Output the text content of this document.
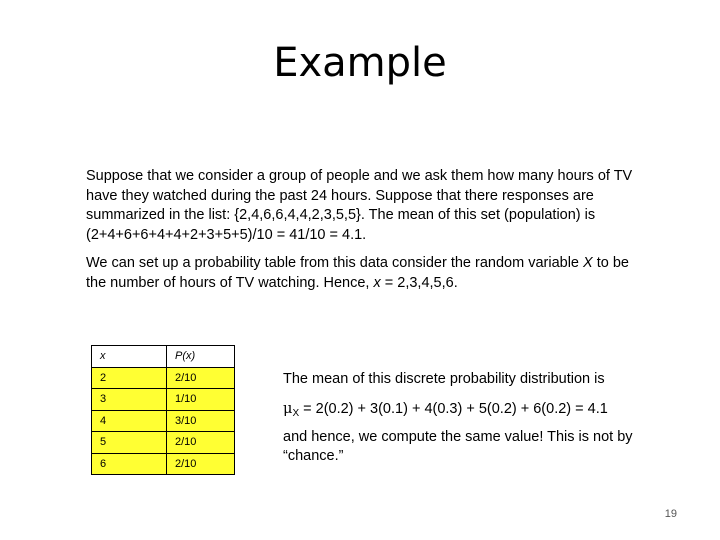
Example
Suppose that we consider a group of people and we ask them how many hours of TV have they watched during the past 24 hours. Suppose that there responses are summarized in the list: {2,4,6,6,4,4,2,3,5,5}. The mean of this set (population) is (2+4+6+6+4+4+2+3+5+5)/10 = 41/10 = 4.1.
We can set up a probability table from this data consider the random variable X to be the number of hours of TV watching. Hence, x = 2,3,4,5,6.
x	P(x)
2	2/10
3	1/10
4	3/10
5	2/10
6	2/10
The mean of this discrete probability distribution is
$\mu_X = 2(0.2) + 3(0.1) + 4(0.3) + 5(0.2) + 6(0.2) = 4.1$
and hence, we compute the same value! This is not by “chance.”
19
